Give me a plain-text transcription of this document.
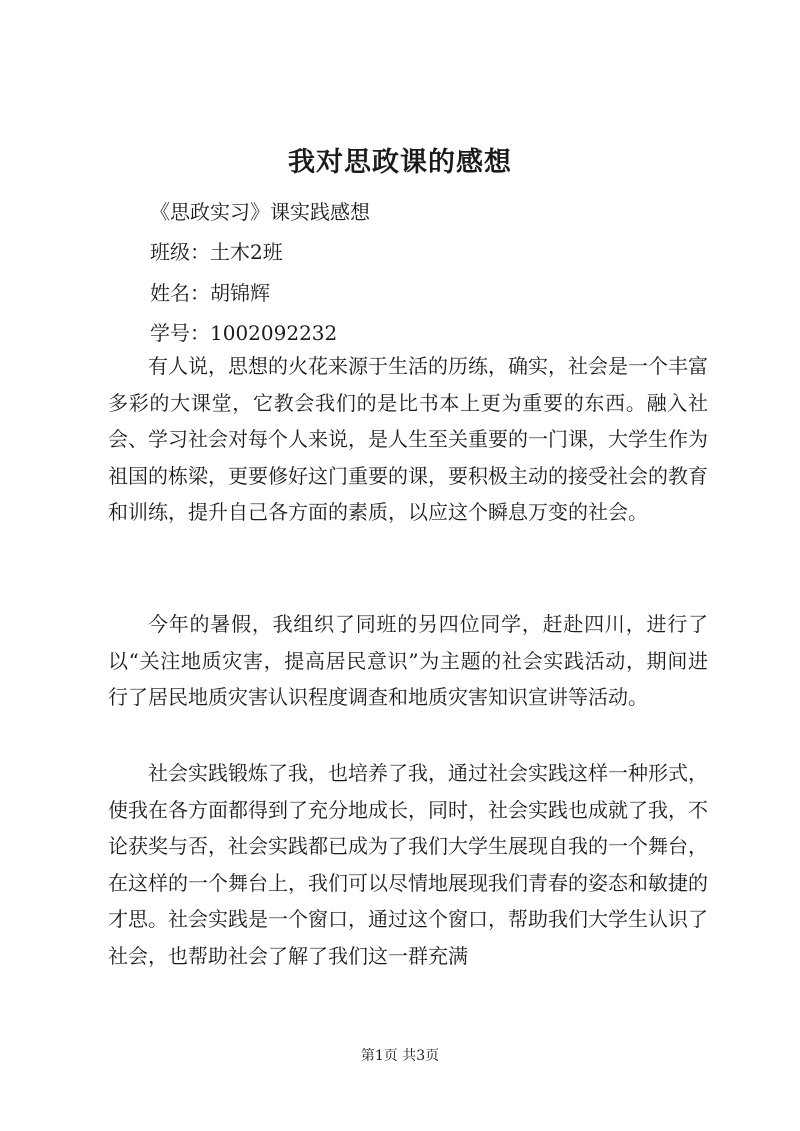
我对思政课的感想
《思政实习》课实践感想
班级：土木2班
姓名：胡锦辉
学号：1002092232

有人说，思想的火花来源于生活的历练，确实，社会是一个丰富多彩的大课堂，它教会我们的是比书本上更为重要的东西。融入社会、学习社会对每个人来说，是人生至关重要的一门课，大学生作为祖国的栋梁，更要修好这门重要的课，要积极主动的接受社会的教育和训练，提升自己各方面的素质，以应这个瞬息万变的社会。

今年的暑假，我组织了同班的另四位同学，赶赴四川，进行了以“关注地质灾害，提高居民意识”为主题的社会实践活动，期间进行了居民地质灾害认识程度调查和地质灾害知识宣讲等活动。

社会实践锻炼了我，也培养了我，通过社会实践这样一种形式，使我在各方面都得到了充分地成长，同时，社会实践也成就了我，不论获奖与否，社会实践都已成为了我们大学生展现自我的一个舞台，在这样的一个舞台上，我们可以尽情地展现我们青春的姿态和敏捷的才思。社会实践是一个窗口，通过这个窗口，帮助我们大学生认识了社会，也帮助社会了解了我们这一群充满

第1页 共3页
